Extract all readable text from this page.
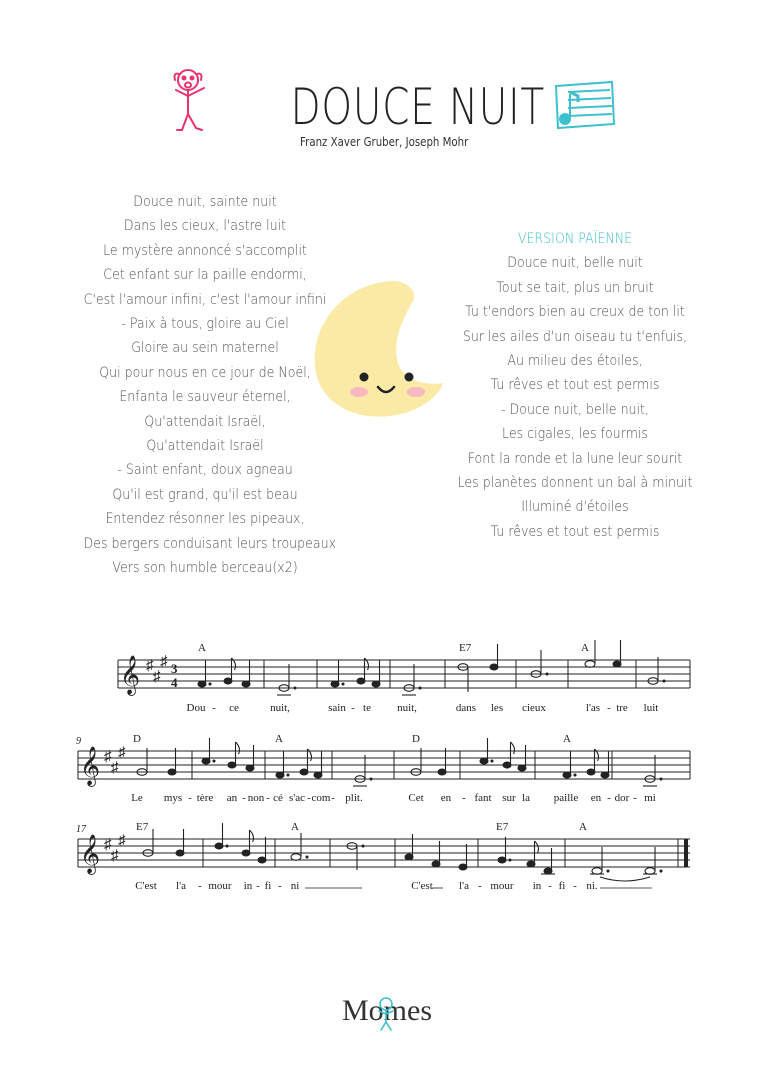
DOUCE NUIT
Franz Xaver Gruber, Joseph Mohr
Douce nuit, sainte nuit
Dans les cieux, l'astre luit
Le mystère annoncé s'accomplit
Cet enfant sur la paille endormi,
C'est l'amour infini, c'est l'amour infini
- Paix à tous, gloire au Ciel
Gloire au sein maternel
Qui pour nous en ce jour de Noël,
Enfanta le sauveur éternel,
Qu'attendait Israël,
Qu'attendait Israël
- Saint enfant, doux agneau
Qu'il est grand, qu'il est beau
Entendez résonner les pipeaux,
Des bergers conduisant leurs troupeaux
Vers son humble berceau(x2)
VERSION PAÏENNE
Douce nuit, belle nuit
Tout se tait, plus un bruit
Tu t'endors bien au creux de ton lit
Sur les ailes d'un oiseau tu t'enfuis,
Au milieu des étoiles,
Tu rêves et tout est permis
- Douce nuit, belle nuit,
Les cigales, les fourmis
Font la ronde et la lune leur sourit
Les planètes donnent un bal à minuit
Illuminé d'étoiles
Tu rêves et tout est permis
𝄞 ♯
♯
♯ 3
4
A	E7	A
Dou - ce	nuit,	sain - te nuit,	dans les cieux	l'as - tre luit
9
𝄞 ♯
♯
♯
D	A	D	A
Le mys - tère an - non - cé s'ac - com - plit.	Cet en - fant sur la paille en - dor - mi
17
𝄞 ♯
♯
♯
E7	A	E7	A
C'est l'a - mour in - fi - ni	C'est l'a - mour in - fi - ni.
Momes
